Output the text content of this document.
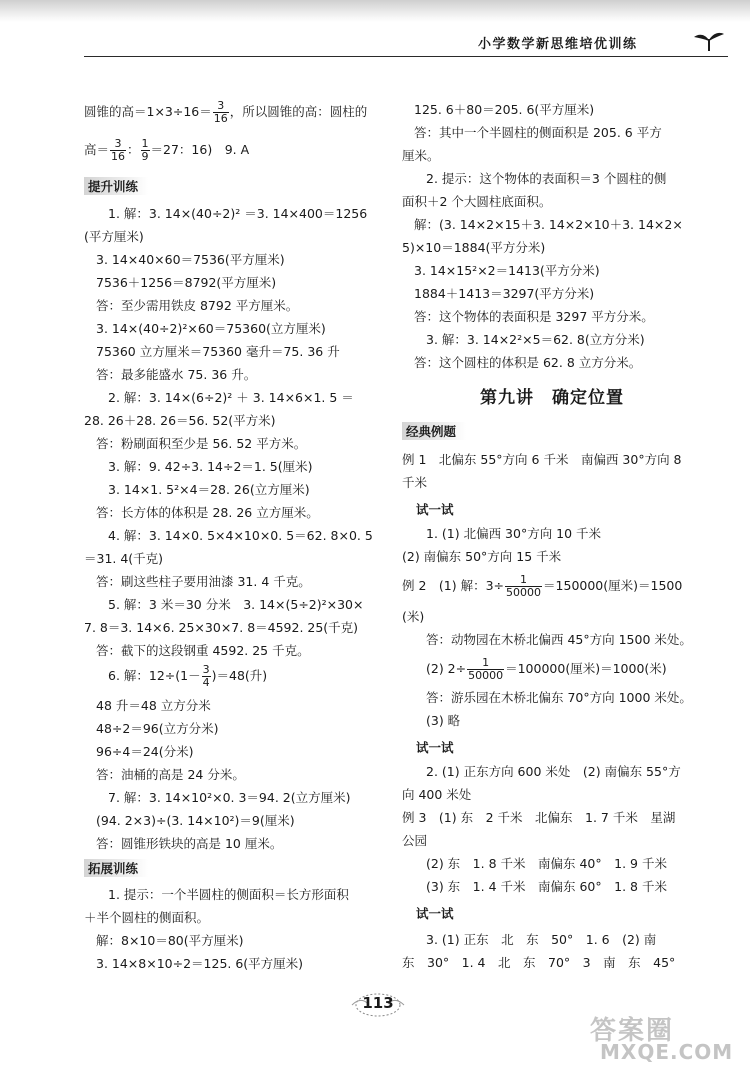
小学数学新思维培优训练
圆锥的高$=1\times 3\div 16= \frac{3}{16}$ ，所以圆锥的高：圆柱的
高＝ $\frac{3}{16}$ ： $\frac{1}{9} =27$：16)　9. A
提升训练
1. 解：3. 14×(40÷2)² ＝3. 14×400＝1256
(平方厘米)
3. 14×40×60＝7536(平方厘米)
7536＋1256＝8792(平方厘米)
答：至少需用铁皮 8792 平方厘米。
3. 14×(40÷2)²×60＝75360(立方厘米)
75360 立方厘米＝75360 毫升＝75. 36 升
答：最多能盛水 75. 36 升。
2. 解：3. 14×(6÷2)² ＋ 3. 14×6×1. 5 ＝
28. 26＋28. 26＝56. 52(平方米)
答：粉刷面积至少是 56. 52 平方米。
3. 解：9. 42÷3. 14÷2＝1. 5(厘米)
3. 14×1. 5²×4＝28. 26(立方厘米)
答：长方体的体积是 28. 26 立方厘米。
4. 解：3. 14×0. 5×4×10×0. 5＝62. 8×0. 5
＝31. 4(千克)
答：刷这些柱子要用油漆 31. 4 千克。
5. 解：3 米＝30 分米　3. 14×(5÷2)²×30×
7. 8＝3. 14×6. 25×30×7. 8＝4592. 25(千克)
答：截下的这段钢重 4592. 25 千克。
6. 解：$12\div(1- \frac{3}{4} )=48$(升)
48 升＝48 立方分米
48÷2＝96(立方分米)
96÷4＝24(分米)
答：油桶的高是 24 分米。
7. 解：3. 14×10²×0. 3＝94. 2(立方厘米)
(94. 2×3)÷(3. 14×10²)＝9(厘米)
答：圆锥形铁块的高是 10 厘米。
拓展训练
1. 提示：一个半圆柱的侧面积＝长方形面积
＋半个圆柱的侧面积。
解：8×10＝80(平方厘米)
3. 14×8×10÷2＝125. 6(平方厘米)
125. 6＋80＝205. 6(平方厘米)
答：其中一个半圆柱的侧面积是 205. 6 平方
厘米。
2. 提示：这个物体的表面积＝3 个圆柱的侧
面积＋2 个大圆柱底面积。
解：(3. 14×2×15＋3. 14×2×10＋3. 14×2×
5)×10＝1884(平方分米)
3. 14×15²×2＝1413(平方分米)
1884＋1413＝3297(平方分米)
答：这个物体的表面积是 3297 平方分米。
3. 解：3. 14×2²×5＝62. 8(立方分米)
答：这个圆柱的体积是 62. 8 立方分米。
第九讲　确定位置
经典例题
例 1　北偏东 55°方向 6 千米　南偏西 30°方向 8
千米
试一试
1. (1) 北偏西 30°方向 10 千米
(2) 南偏东 50°方向 15 千米
例 2　(1) 解：$3\div \frac{1}{50000} =150000$(厘米)＝1500
(米)
答：动物园在木桥北偏西 45°方向 1500 米处。
(2) $2\div \frac{1}{50000} =100000$(厘米)＝1000(米)
答：游乐园在木桥北偏东 70°方向 1000 米处。
(3) 略
试一试
2. (1) 正东方向 600 米处　(2) 南偏东 55°方
向 400 米处
例 3　(1) 东　2 千米　北偏东　1. 7 千米　星湖
公园
(2) 东　1. 8 千米　南偏东 40°　1. 9 千米
(3) 东　1. 4 千米　南偏东 60°　1. 8 千米
试一试
3. (1) 正东　北　东　50°　1. 6　(2) 南
东　30°　1. 4　北　东　70°　3　南　东　45°
113
答案圈
MXQE.COM
